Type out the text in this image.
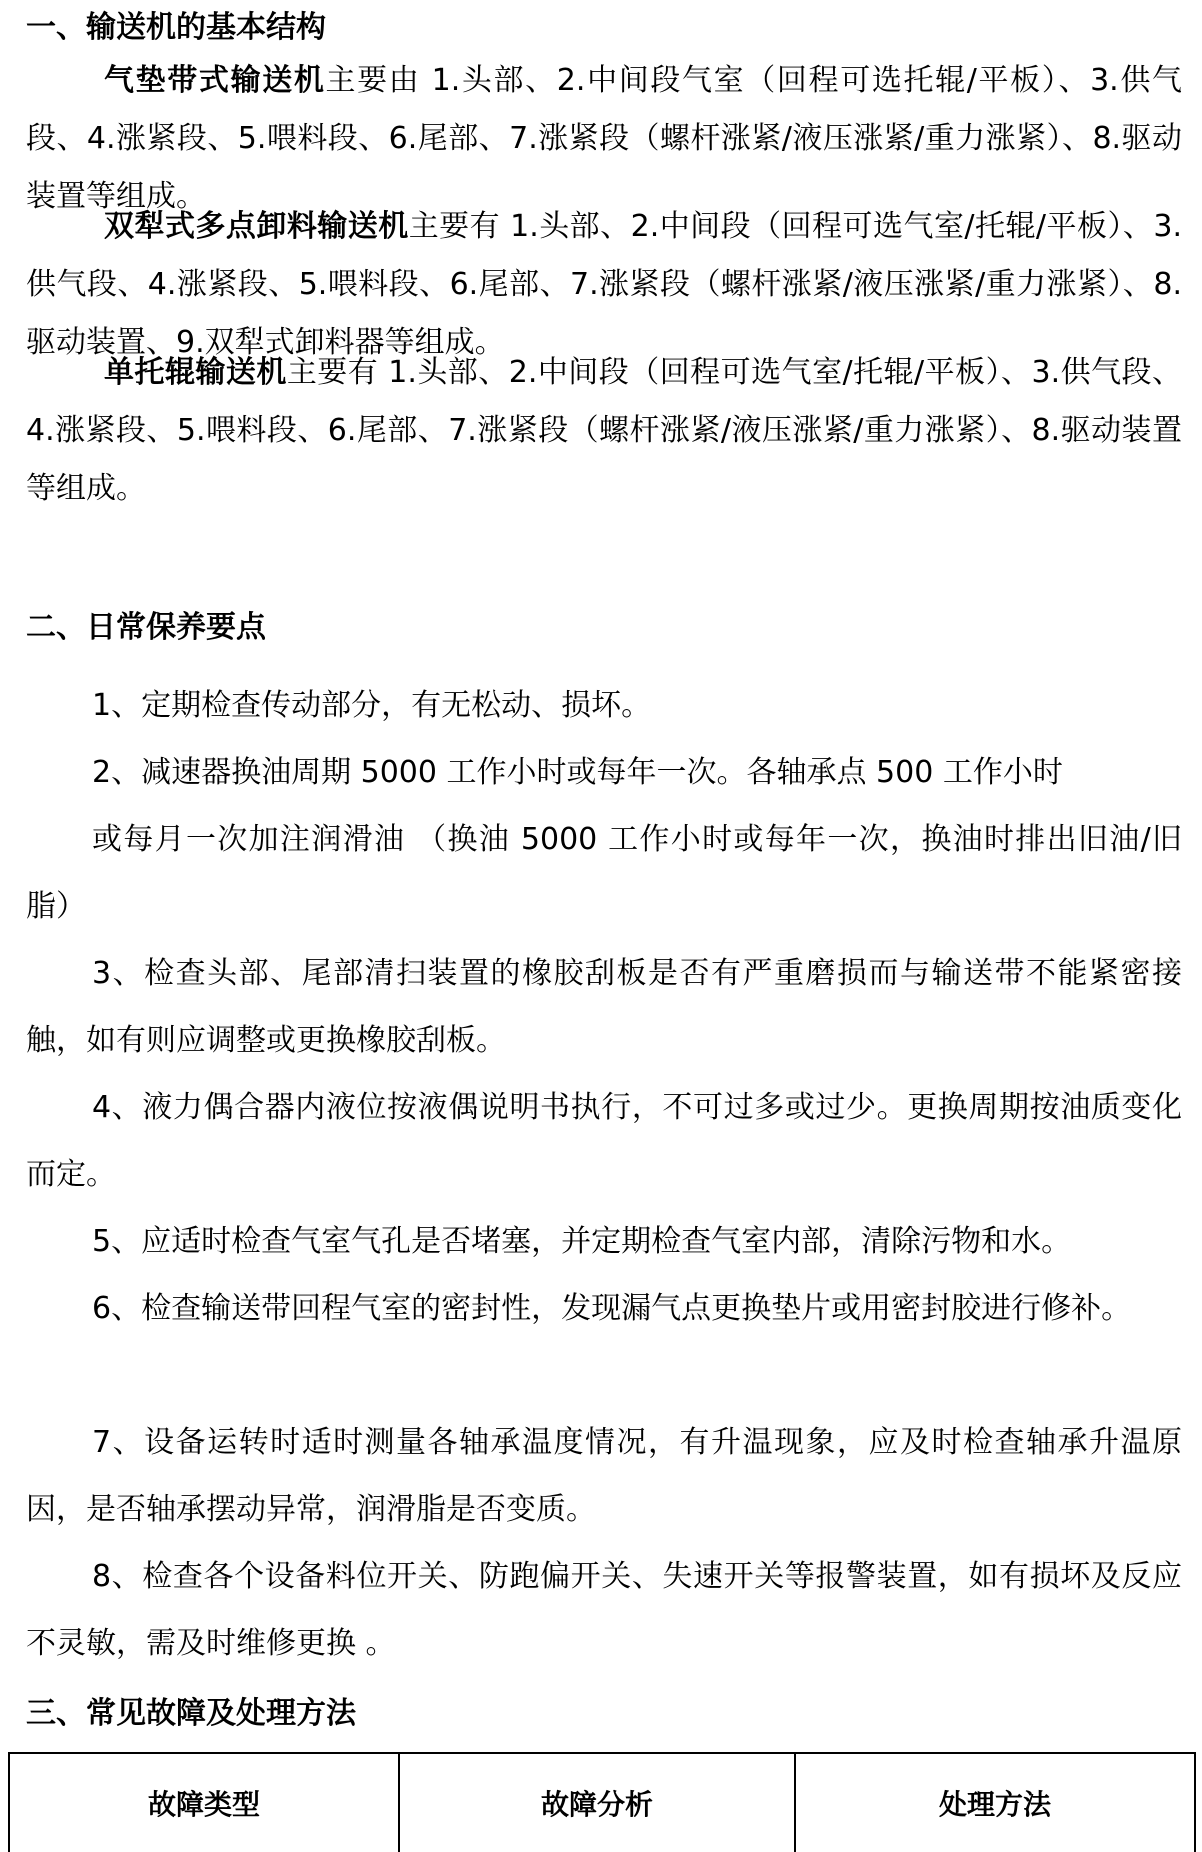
一、输送机的基本结构

气垫带式输送机主要由 1.头部、2.中间段气室（回程可选托辊/平板）、3.供气段、4.涨紧段、5.喂料段、6.尾部、7.涨紧段（螺杆涨紧/液压涨紧/重力涨紧）、8.驱动装置等组成。

双犁式多点卸料输送机主要有 1.头部、2.中间段（回程可选气室/托辊/平板）、3.供气段、4.涨紧段、5.喂料段、6.尾部、7.涨紧段（螺杆涨紧/液压涨紧/重力涨紧）、8.驱动装置、9.双犁式卸料器等组成。

单托辊输送机主要有 1.头部、2.中间段（回程可选气室/托辊/平板）、3.供气段、4.涨紧段、5.喂料段、6.尾部、7.涨紧段（螺杆涨紧/液压涨紧/重力涨紧）、8.驱动装置等组成。

二、日常保养要点

1、定期检查传动部分，有无松动、损坏。

2、减速器换油周期 5000 工作小时或每年一次。各轴承点 500 工作小时

或每月一次加注润滑油 （换油 5000 工作小时或每年一次，换油时排出旧油/旧脂）

3、检查头部、尾部清扫装置的橡胶刮板是否有严重磨损而与输送带不能紧密接触，如有则应调整或更换橡胶刮板。

4、液力偶合器内液位按液偶说明书执行，不可过多或过少。更换周期按油质变化而定。

5、应适时检查气室气孔是否堵塞，并定期检查气室内部，清除污物和水。

6、检查输送带回程气室的密封性，发现漏气点更换垫片或用密封胶进行修补。

7、设备运转时适时测量各轴承温度情况，有升温现象，应及时检查轴承升温原因，是否轴承摆动异常，润滑脂是否变质。

8、检查各个设备料位开关、防跑偏开关、失速开关等报警装置，如有损坏及反应不灵敏，需及时维修更换 。

三、常见故障及处理方法
故障类型	故障分析	处理方法
